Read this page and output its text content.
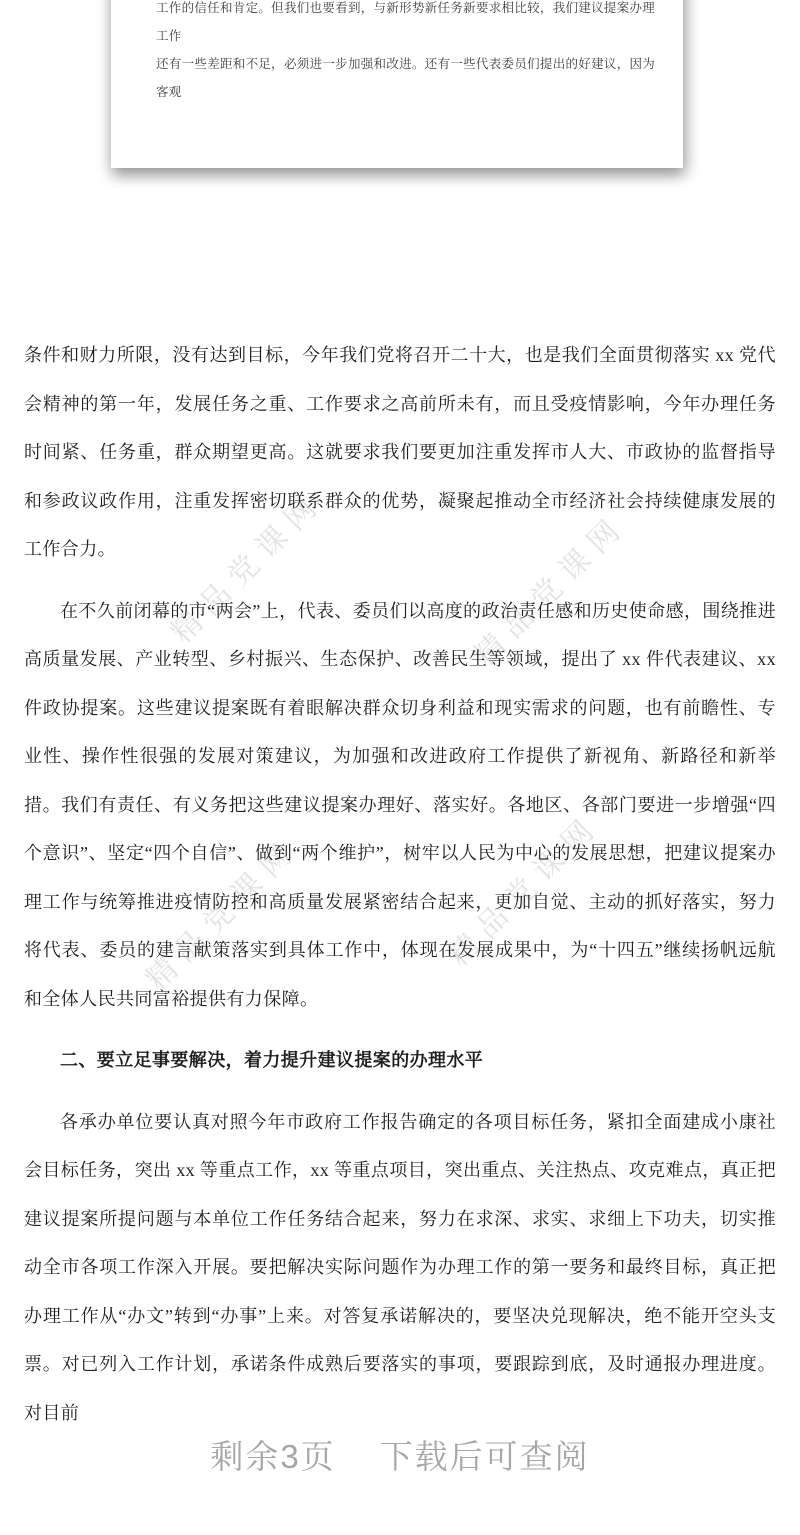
精品党课网	精品党课网
精品党课网	精品党课网

工作的信任和肯定。但我们也要看到，与新形势新任务新要求相比较，我们建议提案办理工作

还有一些差距和不足，必须进一步加强和改进。还有一些代表委员们提出的好建议，因为客观

条件和财力所限，没有达到目标，今年我们党将召开二十大，也是我们全面贯彻落实 xx 党代会精神的第一年，发展任务之重、工作要求之高前所未有，而且受疫情影响，今年办理任务时间紧、任务重，群众期望更高。这就要求我们要更加注重发挥市人大、市政协的监督指导和参政议政作用，注重发挥密切联系群众的优势，凝聚起推动全市经济社会持续健康发展的工作合力。

在不久前闭幕的市“两会”上，代表、委员们以高度的政治责任感和历史使命感，围绕推进高质量发展、产业转型、乡村振兴、生态保护、改善民生等领域，提出了 xx 件代表建议、xx 件政协提案。这些建议提案既有着眼解决群众切身利益和现实需求的问题，也有前瞻性、专业性、操作性很强的发展对策建议，为加强和改进政府工作提供了新视角、新路径和新举措。我们有责任、有义务把这些建议提案办理好、落实好。各地区、各部门要进一步增强“四个意识”、坚定“四个自信”、做到“两个维护”，树牢以人民为中心的发展思想，把建议提案办理工作与统筹推进疫情防控和高质量发展紧密结合起来，更加自觉、主动的抓好落实，努力将代表、委员的建言献策落实到具体工作中，体现在发展成果中，为“十四五”继续扬帆远航和全体人民共同富裕提供有力保障。

二、要立足事要解决，着力提升建议提案的办理水平

各承办单位要认真对照今年市政府工作报告确定的各项目标任务，紧扣全面建成小康社会目标任务，突出 xx 等重点工作，xx 等重点项目，突出重点、关注热点、攻克难点，真正把建议提案所提问题与本单位工作任务结合起来，努力在求深、求实、求细上下功夫，切实推动全市各项工作深入开展。要把解决实际问题作为办理工作的第一要务和最终目标，真正把办理工作从“办文”转到“办事”上来。对答复承诺解决的，要坚决兑现解决，绝不能开空头支票。对已列入工作计划，承诺条件成熟后要落实的事项，要跟踪到底，及时通报办理进度。对目前

剩余3页 下载后可查阅
